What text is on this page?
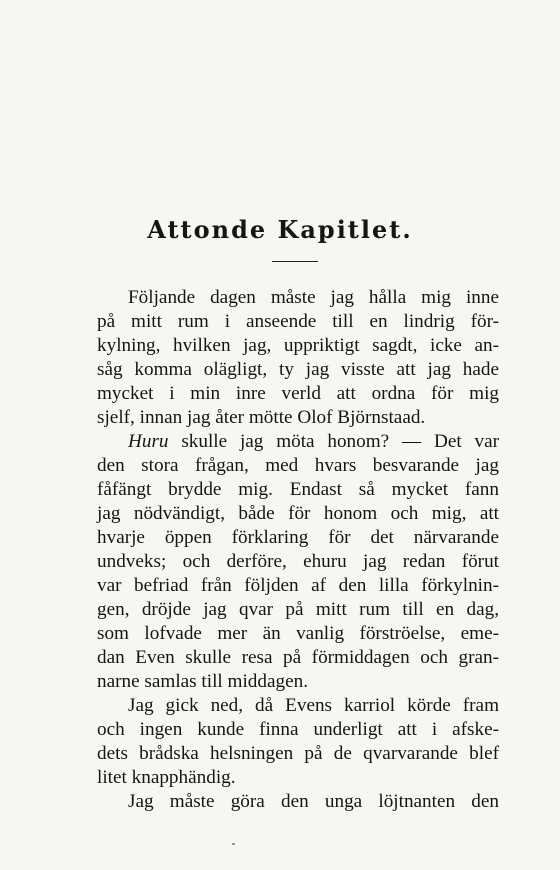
Attonde Kapitlet.

Följande dagen måste jag hålla mig inne

på mitt rum i anseende till en lindrig för-

kylning, hvilken jag, uppriktigt sagdt, icke an-

såg komma olägligt, ty jag visste att jag hade

mycket i min inre verld att ordna för mig

sjelf, innan jag åter mötte Olof Björnstaad.

Huru skulle jag möta honom? — Det var

den stora frågan, med hvars besvarande jag

fåfängt brydde mig. Endast så mycket fann

jag nödvändigt, både för honom och mig, att

hvarje öppen förklaring för det närvarande

undveks; och derföre, ehuru jag redan förut

var befriad från följden af den lilla förkylnin-

gen, dröjde jag qvar på mitt rum till en dag,

som lofvade mer än vanlig förströelse, eme-

dan Even skulle resa på förmiddagen och gran-

narne samlas till middagen.

Jag gick ned, då Evens karriol körde fram

och ingen kunde finna underligt att i afske-

dets brådska helsningen på de qvarvarande blef

litet knapphändig.

Jag måste göra den unga löjtnanten den
